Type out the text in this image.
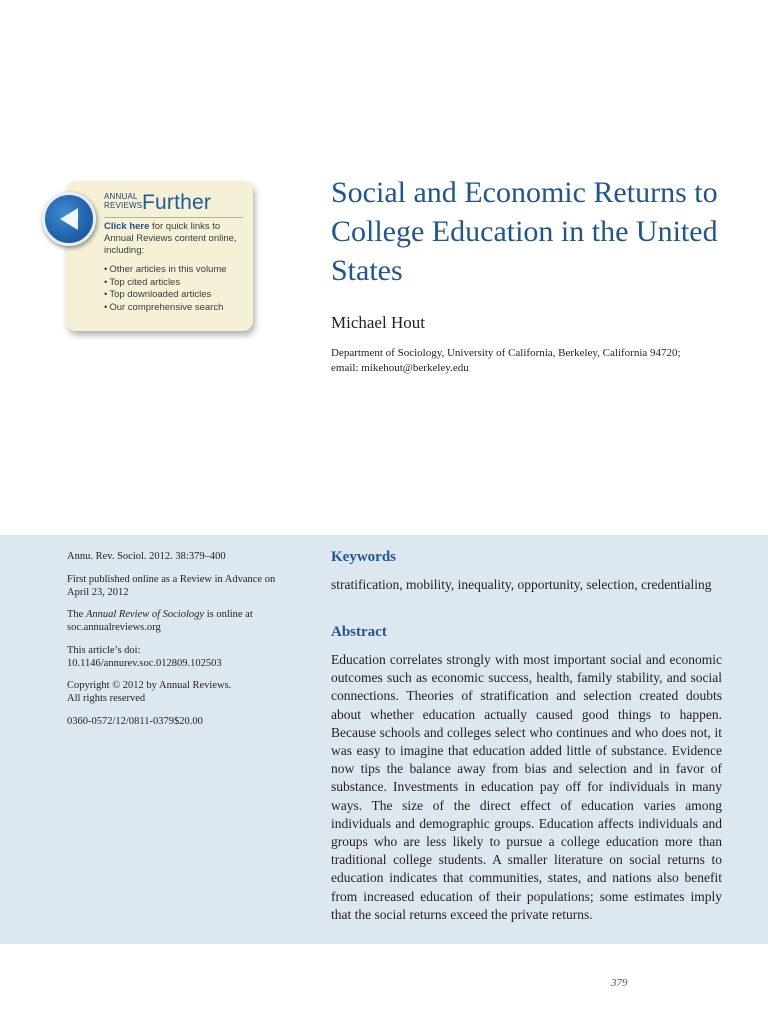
ANNUAL
REVIEWS Further
Click here for quick links to Annual Reviews content online, including:
• Other articles in this volume
• Top cited articles
• Top downloaded articles
• Our comprehensive search
Social and Economic Returns to College Education in the United States
Michael Hout
Department of Sociology, University of California, Berkeley, California 94720;
email: mikehout@berkeley.edu

Annu. Rev. Sociol. 2012. 38:379–400

First published online as a Review in Advance on April 23, 2012

The Annual Review of Sociology is online at soc.annualreviews.org

This article’s doi:
10.1146/annurev.soc.012809.102503

Copyright © 2012 by Annual Reviews.
All rights reserved

0360-0572/12/0811-0379$20.00

Keywords

stratification, mobility, inequality, opportunity, selection, credentialing

Abstract

Education correlates strongly with most important social and economic outcomes such as economic success, health, family stability, and social connections. Theories of stratification and selection created doubts about whether education actually caused good things to happen. Because schools and colleges select who continues and who does not, it was easy to imagine that education added little of substance. Evidence now tips the balance away from bias and selection and in favor of substance. Investments in education pay off for individuals in many ways. The size of the direct effect of education varies among individuals and demographic groups. Education affects individuals and groups who are less likely to pursue a college education more than traditional college students. A smaller literature on social returns to education indicates that communities, states, and nations also benefit from increased education of their populations; some estimates imply that the social returns exceed the private returns.

379
